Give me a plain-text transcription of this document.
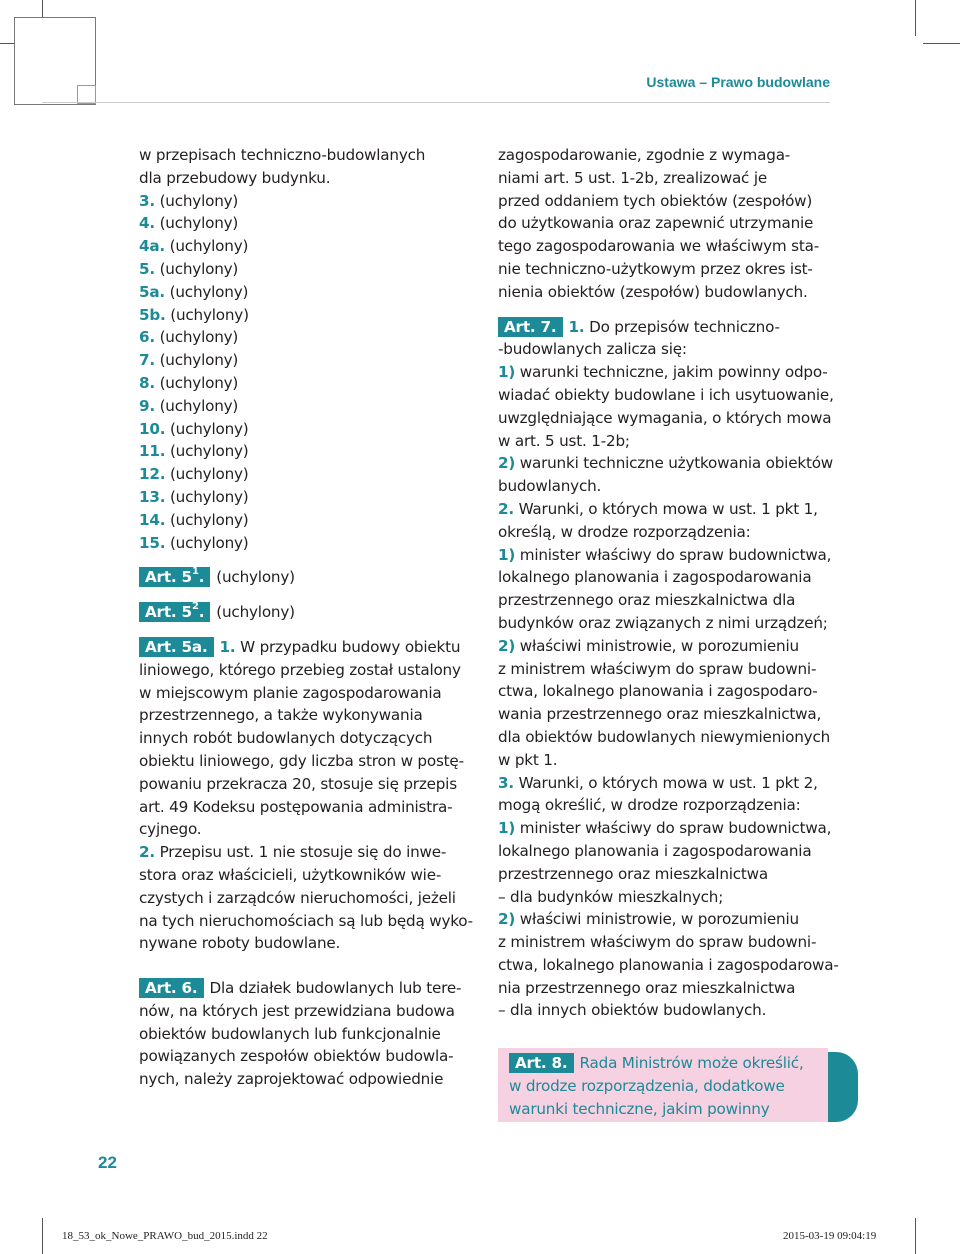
Ustawa – Prawo budowlane
w przepisach techniczno-budowlanych
dla przebudowy budynku.
3. (uchylony)
4. (uchylony)
4a. (uchylony)
5. (uchylony)
5a. (uchylony)
5b. (uchylony)
6. (uchylony)
7. (uchylony)
8. (uchylony)
9. (uchylony)
10. (uchylony)
11. (uchylony)
12. (uchylony)
13. (uchylony)
14. (uchylony)
15. (uchylony)
Art. $5^1$. (uchylony)
Art. $5^2$. (uchylony)
Art. 5a. 1. W przypadku budowy obiektu
liniowego, którego przebieg został ustalony
w miejscowym planie zagospodarowania
przestrzennego, a także wykonywania
innych robót budowlanych dotyczących
obiektu liniowego, gdy liczba stron w postę-
powaniu przekracza 20, stosuje się przepis
art. 49 Kodeksu postępowania administra-
cyjnego.
2. Przepisu ust. 1 nie stosuje się do inwe-
stora oraz właścicieli, użytkowników wie-
czystych i zarządców nieruchomości, jeżeli
na tych nieruchomościach są lub będą wyko-
nywane roboty budowlane.
Art. 6. Dla działek budowlanych lub tere-
nów, na których jest przewidziana budowa
obiektów budowlanych lub funkcjonalnie
powiązanych zespołów obiektów budowla-
nych, należy zaprojektować odpowiednie
zagospodarowanie, zgodnie z wymaga-
niami art. 5 ust. 1-2b, zrealizować je
przed oddaniem tych obiektów (zespołów)
do użytkowania oraz zapewnić utrzymanie
tego zagospodarowania we właściwym sta-
nie techniczno-użytkowym przez okres ist-
nienia obiektów (zespołów) budowlanych.
Art. 7. 1. Do przepisów techniczno-
-budowlanych zalicza się:
1) warunki techniczne, jakim powinny odpo-
wiadać obiekty budowlane i ich usytuowanie,
uwzględniające wymagania, o których mowa
w art. 5 ust. 1-2b;
2) warunki techniczne użytkowania obiektów
budowlanych.
2. Warunki, o których mowa w ust. 1 pkt 1,
określą, w drodze rozporządzenia:
1) minister właściwy do spraw budownictwa,
lokalnego planowania i zagospodarowania
przestrzennego oraz mieszkalnictwa dla
budynków oraz związanych z nimi urządzeń;
2) właściwi ministrowie, w porozumieniu
z ministrem właściwym do spraw budowni-
ctwa, lokalnego planowania i zagospodaro-
wania przestrzennego oraz mieszkalnictwa,
dla obiektów budowlanych niewymienionych
w pkt 1.
3. Warunki, o których mowa w ust. 1 pkt 2,
mogą określić, w drodze rozporządzenia:
1) minister właściwy do spraw budownictwa,
lokalnego planowania i zagospodarowania
przestrzennego oraz mieszkalnictwa
– dla budynków mieszkalnych;
2) właściwi ministrowie, w porozumieniu
z ministrem właściwym do spraw budowni-
ctwa, lokalnego planowania i zagospodarowa-
nia przestrzennego oraz mieszkalnictwa
– dla innych obiektów budowlanych.
Art. 8. Rada Ministrów może określić,
w drodze rozporządzenia, dodatkowe
warunki techniczne, jakim powinny
22
18_53_ok_Nowe_PRAWO_bud_2015.indd 22	2015-03-19 09:04:19
